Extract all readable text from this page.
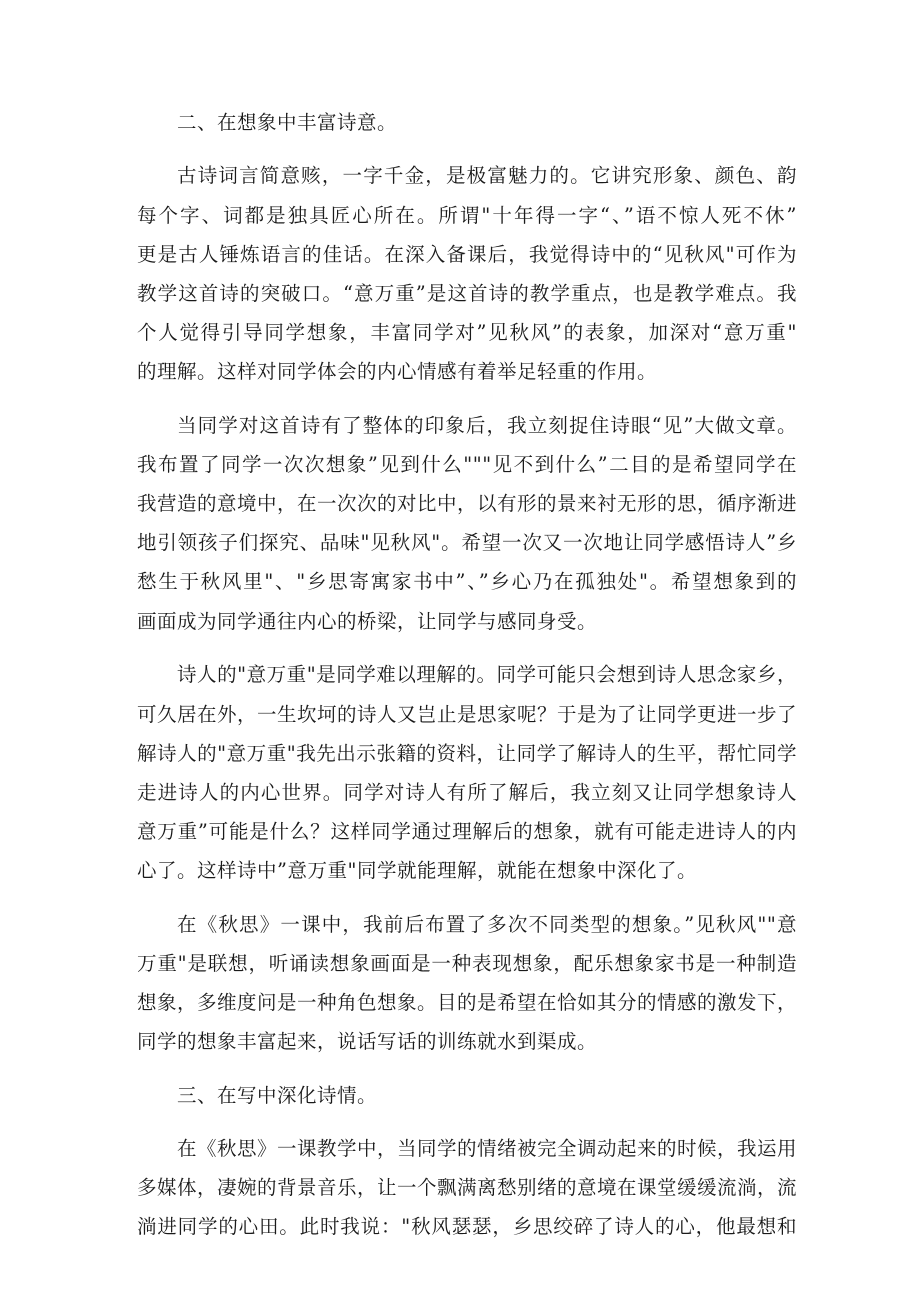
二、在想象中丰富诗意。
古诗词言简意赅，一字千金，是极富魅力的。它讲究形象、颜色、韵
每个字、词都是独具匠心所在。所谓"十年得一字“、”语不惊人死不休”
更是古人锤炼语言的佳话。在深入备课后，我觉得诗中的“见秋风"可作为
教学这首诗的突破口。“意万重”是这首诗的教学重点，也是教学难点。我
个人觉得引导同学想象，丰富同学对”见秋风”的表象，加深对“意万重"
的理解。这样对同学体会的内心情感有着举足轻重的作用。
当同学对这首诗有了整体的印象后，我立刻捉住诗眼“见”大做文章。
我布置了同学一次次想象”见到什么"""见不到什么”二目的是希望同学在
我营造的意境中，在一次次的对比中，以有形的景来衬无形的思，循序渐进
地引领孩子们探究、品味"见秋风"。希望一次又一次地让同学感悟诗人”乡
愁生于秋风里"、"乡思寄寓家书中”、”乡心乃在孤独处"。希望想象到的
画面成为同学通往内心的桥梁，让同学与感同身受。
诗人的"意万重"是同学难以理解的。同学可能只会想到诗人思念家乡，
可久居在外，一生坎坷的诗人又岂止是思家呢？于是为了让同学更进一步了
解诗人的"意万重"我先出示张籍的资料，让同学了解诗人的生平，帮忙同学
走进诗人的内心世界。同学对诗人有所了解后，我立刻又让同学想象诗人
意万重”可能是什么？这样同学通过理解后的想象，就有可能走进诗人的内
心了。这样诗中”意万重"同学就能理解，就能在想象中深化了。
在《秋思》一课中，我前后布置了多次不同类型的想象。”见秋风""意
万重"是联想，听诵读想象画面是一种表现想象，配乐想象家书是一种制造
想象，多维度问是一种角色想象。目的是希望在恰如其分的情感的激发下，
同学的想象丰富起来，说话写话的训练就水到渠成。
三、在写中深化诗情。
在《秋思》一课教学中，当同学的情绪被完全调动起来的时候，我运用
多媒体，凄婉的背景音乐，让一个飘满离愁别绪的意境在课堂缓缓流淌，流
淌进同学的心田。此时我说："秋风瑟瑟，乡思绞碎了诗人的心，他最想和
